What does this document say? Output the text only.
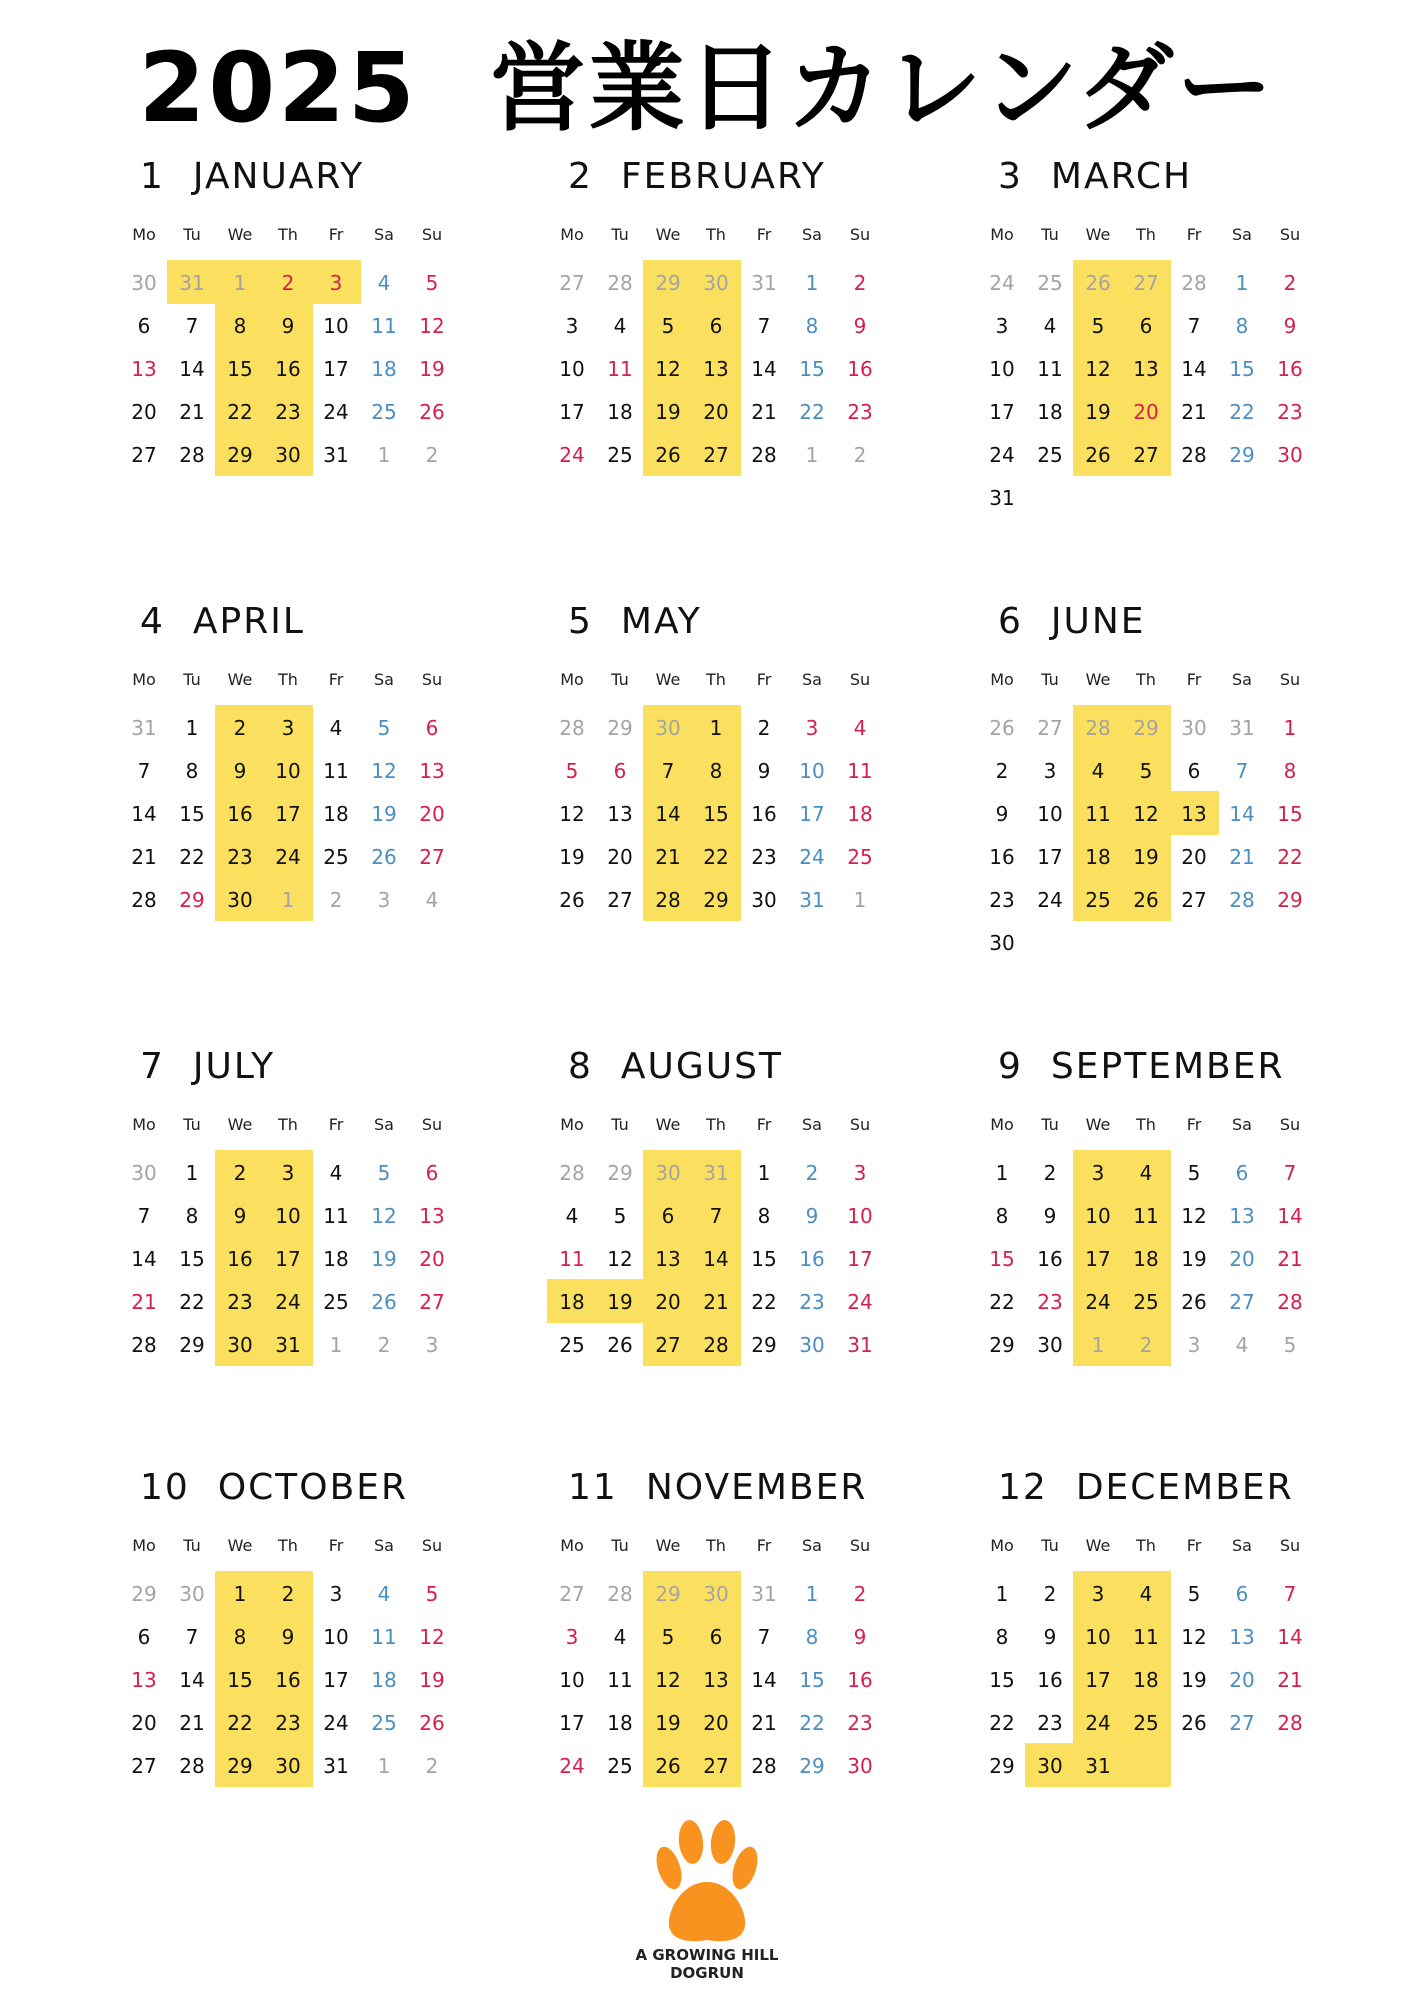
2025 営業日カレンダー
1 JANUARY
Mo	Tu	We	Th	Fr	Sa	Su
30	31	1	2	3	4	5
6	7	8	9	10	11	12
13	14	15	16	17	18	19
20	21	22	23	24	25	26
27	28	29	30	31	1	2
2 FEBRUARY
Mo	Tu	We	Th	Fr	Sa	Su
27	28	29	30	31	1	2
3	4	5	6	7	8	9
10	11	12	13	14	15	16
17	18	19	20	21	22	23
24	25	26	27	28	1	2
3 MARCH
Mo	Tu	We	Th	Fr	Sa	Su
24	25	26	27	28	1	2
3	4	5	6	7	8	9
10	11	12	13	14	15	16
17	18	19	20	21	22	23
24	25	26	27	28	29	30
31
4 APRIL
Mo	Tu	We	Th	Fr	Sa	Su
31	1	2	3	4	5	6
7	8	9	10	11	12	13
14	15	16	17	18	19	20
21	22	23	24	25	26	27
28	29	30	1	2	3	4
5 MAY
Mo	Tu	We	Th	Fr	Sa	Su
28	29	30	1	2	3	4
5	6	7	8	9	10	11
12	13	14	15	16	17	18
19	20	21	22	23	24	25
26	27	28	29	30	31	1
6 JUNE
Mo	Tu	We	Th	Fr	Sa	Su
26	27	28	29	30	31	1
2	3	4	5	6	7	8
9	10	11	12	13	14	15
16	17	18	19	20	21	22
23	24	25	26	27	28	29
30
7 JULY
Mo	Tu	We	Th	Fr	Sa	Su
30	1	2	3	4	5	6
7	8	9	10	11	12	13
14	15	16	17	18	19	20
21	22	23	24	25	26	27
28	29	30	31	1	2	3
8 AUGUST
Mo	Tu	We	Th	Fr	Sa	Su
28	29	30	31	1	2	3
4	5	6	7	8	9	10
11	12	13	14	15	16	17
18	19	20	21	22	23	24
25	26	27	28	29	30	31
9 SEPTEMBER
Mo	Tu	We	Th	Fr	Sa	Su
1	2	3	4	5	6	7
8	9	10	11	12	13	14
15	16	17	18	19	20	21
22	23	24	25	26	27	28
29	30	1	2	3	4	5
10 OCTOBER
Mo	Tu	We	Th	Fr	Sa	Su
29	30	1	2	3	4	5
6	7	8	9	10	11	12
13	14	15	16	17	18	19
20	21	22	23	24	25	26
27	28	29	30	31	1	2
11 NOVEMBER
Mo	Tu	We	Th	Fr	Sa	Su
27	28	29	30	31	1	2
3	4	5	6	7	8	9
10	11	12	13	14	15	16
17	18	19	20	21	22	23
24	25	26	27	28	29	30
12 DECEMBER
Mo	Tu	We	Th	Fr	Sa	Su
1	2	3	4	5	6	7
8	9	10	11	12	13	14
15	16	17	18	19	20	21
22	23	24	25	26	27	28
29	30	31
A GROWING HILL
DOGRUN
